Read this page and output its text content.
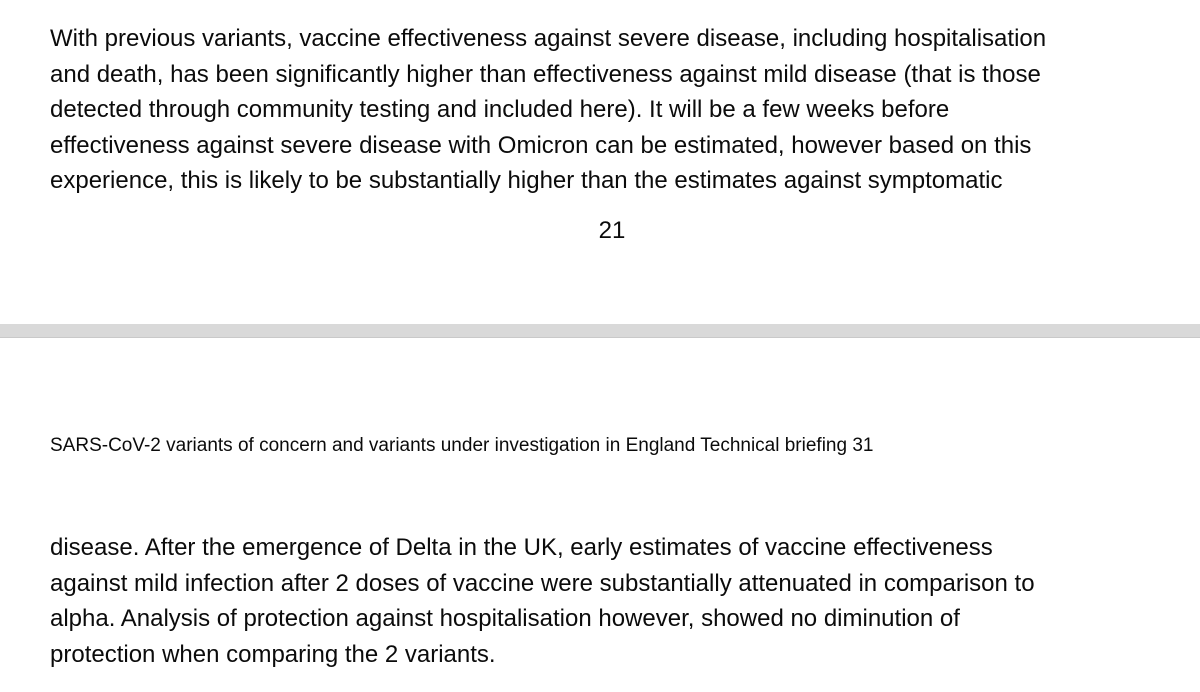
With previous variants, vaccine effectiveness against severe disease, including hospitalisation
and death, has been significantly higher than effectiveness against mild disease (that is those
detected through community testing and included here). It will be a few weeks before
effectiveness against severe disease with Omicron can be estimated, however based on this
experience, this is likely to be substantially higher than the estimates against symptomatic

21
SARS-CoV-2 variants of concern and variants under investigation in England Technical briefing 31

disease. After the emergence of Delta in the UK, early estimates of vaccine effectiveness
against mild infection after 2 doses of vaccine were substantially attenuated in comparison to
alpha. Analysis of protection against hospitalisation however, showed no diminution of
protection when comparing the 2 variants.
